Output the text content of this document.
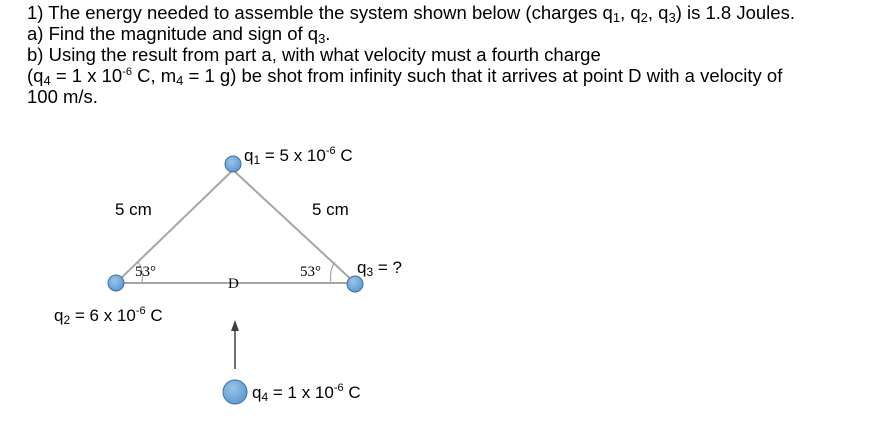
1) The energy needed to assemble the system shown below (charges $q_1$, $q_2$, $q_3$) is 1.8 Joules.
a) Find the magnitude and sign of $q_3$.
b) Using the result from part a, with what velocity must a fourth charge
($q_4 = 1$ x $10^{-6}$ C, $m_4 = 1$ g) be shot from infinity such that it arrives at point D with a velocity of
100 m/s.
q1 = 5 x $10^{-6}$ C
q2 = 6 x $10^{-6}$ C
q3 = ?
q4 = 1 x $10^{-6}$ C
5 cm	5 cm
53°	53°
D
